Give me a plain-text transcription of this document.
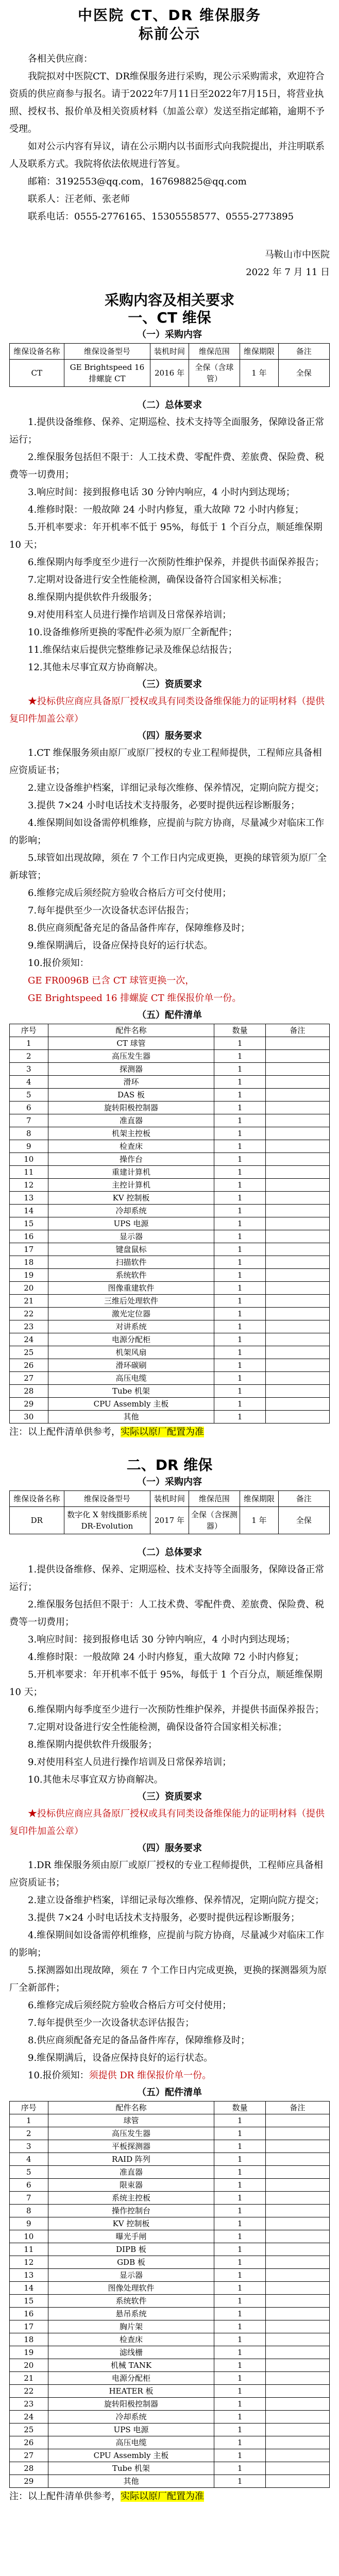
中医院 CT、DR 维保服务
标前公示

各相关供应商：

我院拟对中医院CT、DR维保服务进行采购，现公示采购需求，欢迎符合资质的供应商参与报名。请于2022年7月11日至2022年7月15日，将营业执照、授权书、报价单及相关资质材料（加盖公章）发送至指定邮箱，逾期不予受理。

如对公示内容有异议，请在公示期内以书面形式向我院提出，并注明联系人及联系方式。我院将依法依规进行答复。

邮箱：3192553@qq.com，167698825@qq.com

联系人：汪老师、张老师

联系电话：0555-2776165、15305558577、0555-2773895

马鞍山市中医院

2022 年 7 月 11 日

采购内容及相关要求
一、CT 维保

（一）采购内容

维保设备名称	维保设备型号	装机时间	维保范围	维保期限	备注
CT	GE Brightspeed 16 排螺旋 CT	2016 年	全保（含球管）	1 年	全保

（二）总体要求

1.提供设备维修、保养、定期巡检、技术支持等全面服务，保障设备正常运行；

2.维保服务包括但不限于：人工技术费、零配件费、差旅费、保险费、税费等一切费用；

3.响应时间：接到报修电话 30 分钟内响应，4 小时内到达现场；

4.维修时限：一般故障 24 小时内修复，重大故障 72 小时内修复；

5.开机率要求：年开机率不低于 95%，每低于 1 个百分点，顺延维保期 10 天；

6.维保期内每季度至少进行一次预防性维护保养，并提供书面保养报告；

7.定期对设备进行安全性能检测，确保设备符合国家相关标准；

8.维保期内提供软件升级服务；

9.对使用科室人员进行操作培训及日常保养培训；

10.设备维修所更换的零配件必须为原厂全新配件；

11.维保结束后提供完整维修记录及维保总结报告；

12.其他未尽事宜双方协商解决。

（三）资质要求

★投标供应商应具备原厂授权或具有同类设备维保能力的证明材料（提供复印件加盖公章）

（四）服务要求

1.CT 维保服务须由原厂或原厂授权的专业工程师提供，工程师应具备相应资质证书；

2.建立设备维护档案，详细记录每次维修、保养情况，定期向院方提交；

3.提供 7×24 小时电话技术支持服务，必要时提供远程诊断服务；

4.维保期间如设备需停机维修，应提前与院方协商，尽量减少对临床工作的影响；

5.球管如出现故障，须在 7 个工作日内完成更换，更换的球管须为原厂全新球管；

6.维修完成后须经院方验收合格后方可交付使用；

7.每年提供至少一次设备状态评估报告；

8.供应商须配备充足的备品备件库存，保障维修及时；

9.维保期满后，设备应保持良好的运行状态。

10.报价须知：

GE FR0096B 已含 CT 球管更换一次，

GE Brightspeed 16 排螺旋 CT 维保报价单一份。

（五）配件清单

序号	配件名称	数量	备注
1	CT 球管	1	
2	高压发生器	1	
3	探测器	1	
4	滑环	1	
5	DAS 板	1	
6	旋转阳极控制器	1	
7	准直器	1	
8	机架主控板	1	
9	检查床	1	
10	操作台	1	
11	重建计算机	1	
12	主控计算机	1	
13	KV 控制板	1	
14	冷却系统	1	
15	UPS 电源	1	
16	显示器	1	
17	键盘鼠标	1	
18	扫描软件	1	
19	系统软件	1	
20	图像重建软件	1	
21	三维后处理软件	1	
22	激光定位器	1	
23	对讲系统	1	
24	电源分配柜	1	
25	机架风扇	1	
26	滑环碳刷	1	
27	高压电缆	1	
28	Tube 机架	1	
29	CPU Assembly 主板	1	
30	其他	1	

注：以上配件清单供参考，实际以原厂配置为准

二、DR 维保

（一）采购内容

维保设备名称	维保设备型号	装机时间	维保范围	维保期限	备注
DR	数字化 X 射线摄影系统 DR-Evolution	2017 年	全保（含探测器）	1 年	全保

（二）总体要求

1.提供设备维修、保养、定期巡检、技术支持等全面服务，保障设备正常运行；

2.维保服务包括但不限于：人工技术费、零配件费、差旅费、保险费、税费等一切费用；

3.响应时间：接到报修电话 30 分钟内响应，4 小时内到达现场；

4.维修时限：一般故障 24 小时内修复，重大故障 72 小时内修复；

5.开机率要求：年开机率不低于 95%，每低于 1 个百分点，顺延维保期 10 天；

6.维保期内每季度至少进行一次预防性维护保养，并提供书面保养报告；

7.定期对设备进行安全性能检测，确保设备符合国家相关标准；

8.维保期内提供软件升级服务；

9.对使用科室人员进行操作培训及日常保养培训；

10.其他未尽事宜双方协商解决。

（三）资质要求

★投标供应商应具备原厂授权或具有同类设备维保能力的证明材料（提供复印件加盖公章）

（四）服务要求

1.DR 维保服务须由原厂或原厂授权的专业工程师提供，工程师应具备相应资质证书；

2.建立设备维护档案，详细记录每次维修、保养情况，定期向院方提交；

3.提供 7×24 小时电话技术支持服务，必要时提供远程诊断服务；

4.维保期间如设备需停机维修，应提前与院方协商，尽量减少对临床工作的影响；

5.探测器如出现故障，须在 7 个工作日内完成更换，更换的探测器须为原厂全新部件；

6.维修完成后须经院方验收合格后方可交付使用；

7.每年提供至少一次设备状态评估报告；

8.供应商须配备充足的备品备件库存，保障维修及时；

9.维保期满后，设备应保持良好的运行状态。

10.报价须知：须提供 DR 维保报价单一份。

（五）配件清单

序号	配件名称	数量	备注
1	球管	1	
2	高压发生器	1	
3	平板探测器	1	
4	RAID 阵列	1	
5	准直器	1	
6	限束器	1	
7	系统主控板	1	
8	操作控制台	1	
9	KV 控制板	1	
10	曝光手闸	1	
11	DIPB 板	1	
12	GDB 板	1	
13	显示器	1	
14	图像处理软件	1	
15	系统软件	1	
16	悬吊系统	1	
17	胸片架	1	
18	检查床	1	
19	滤线栅	1	
20	机械 TANK	1	
21	电源分配柜	1	
22	HEATER 板	1	
23	旋转阳极控制器	1	
24	冷却系统	1	
25	UPS 电源	1	
26	高压电缆	1	
27	CPU Assembly 主板	1	
28	Tube 机架	1	
29	其他	1	

注：以上配件清单供参考，实际以原厂配置为准
